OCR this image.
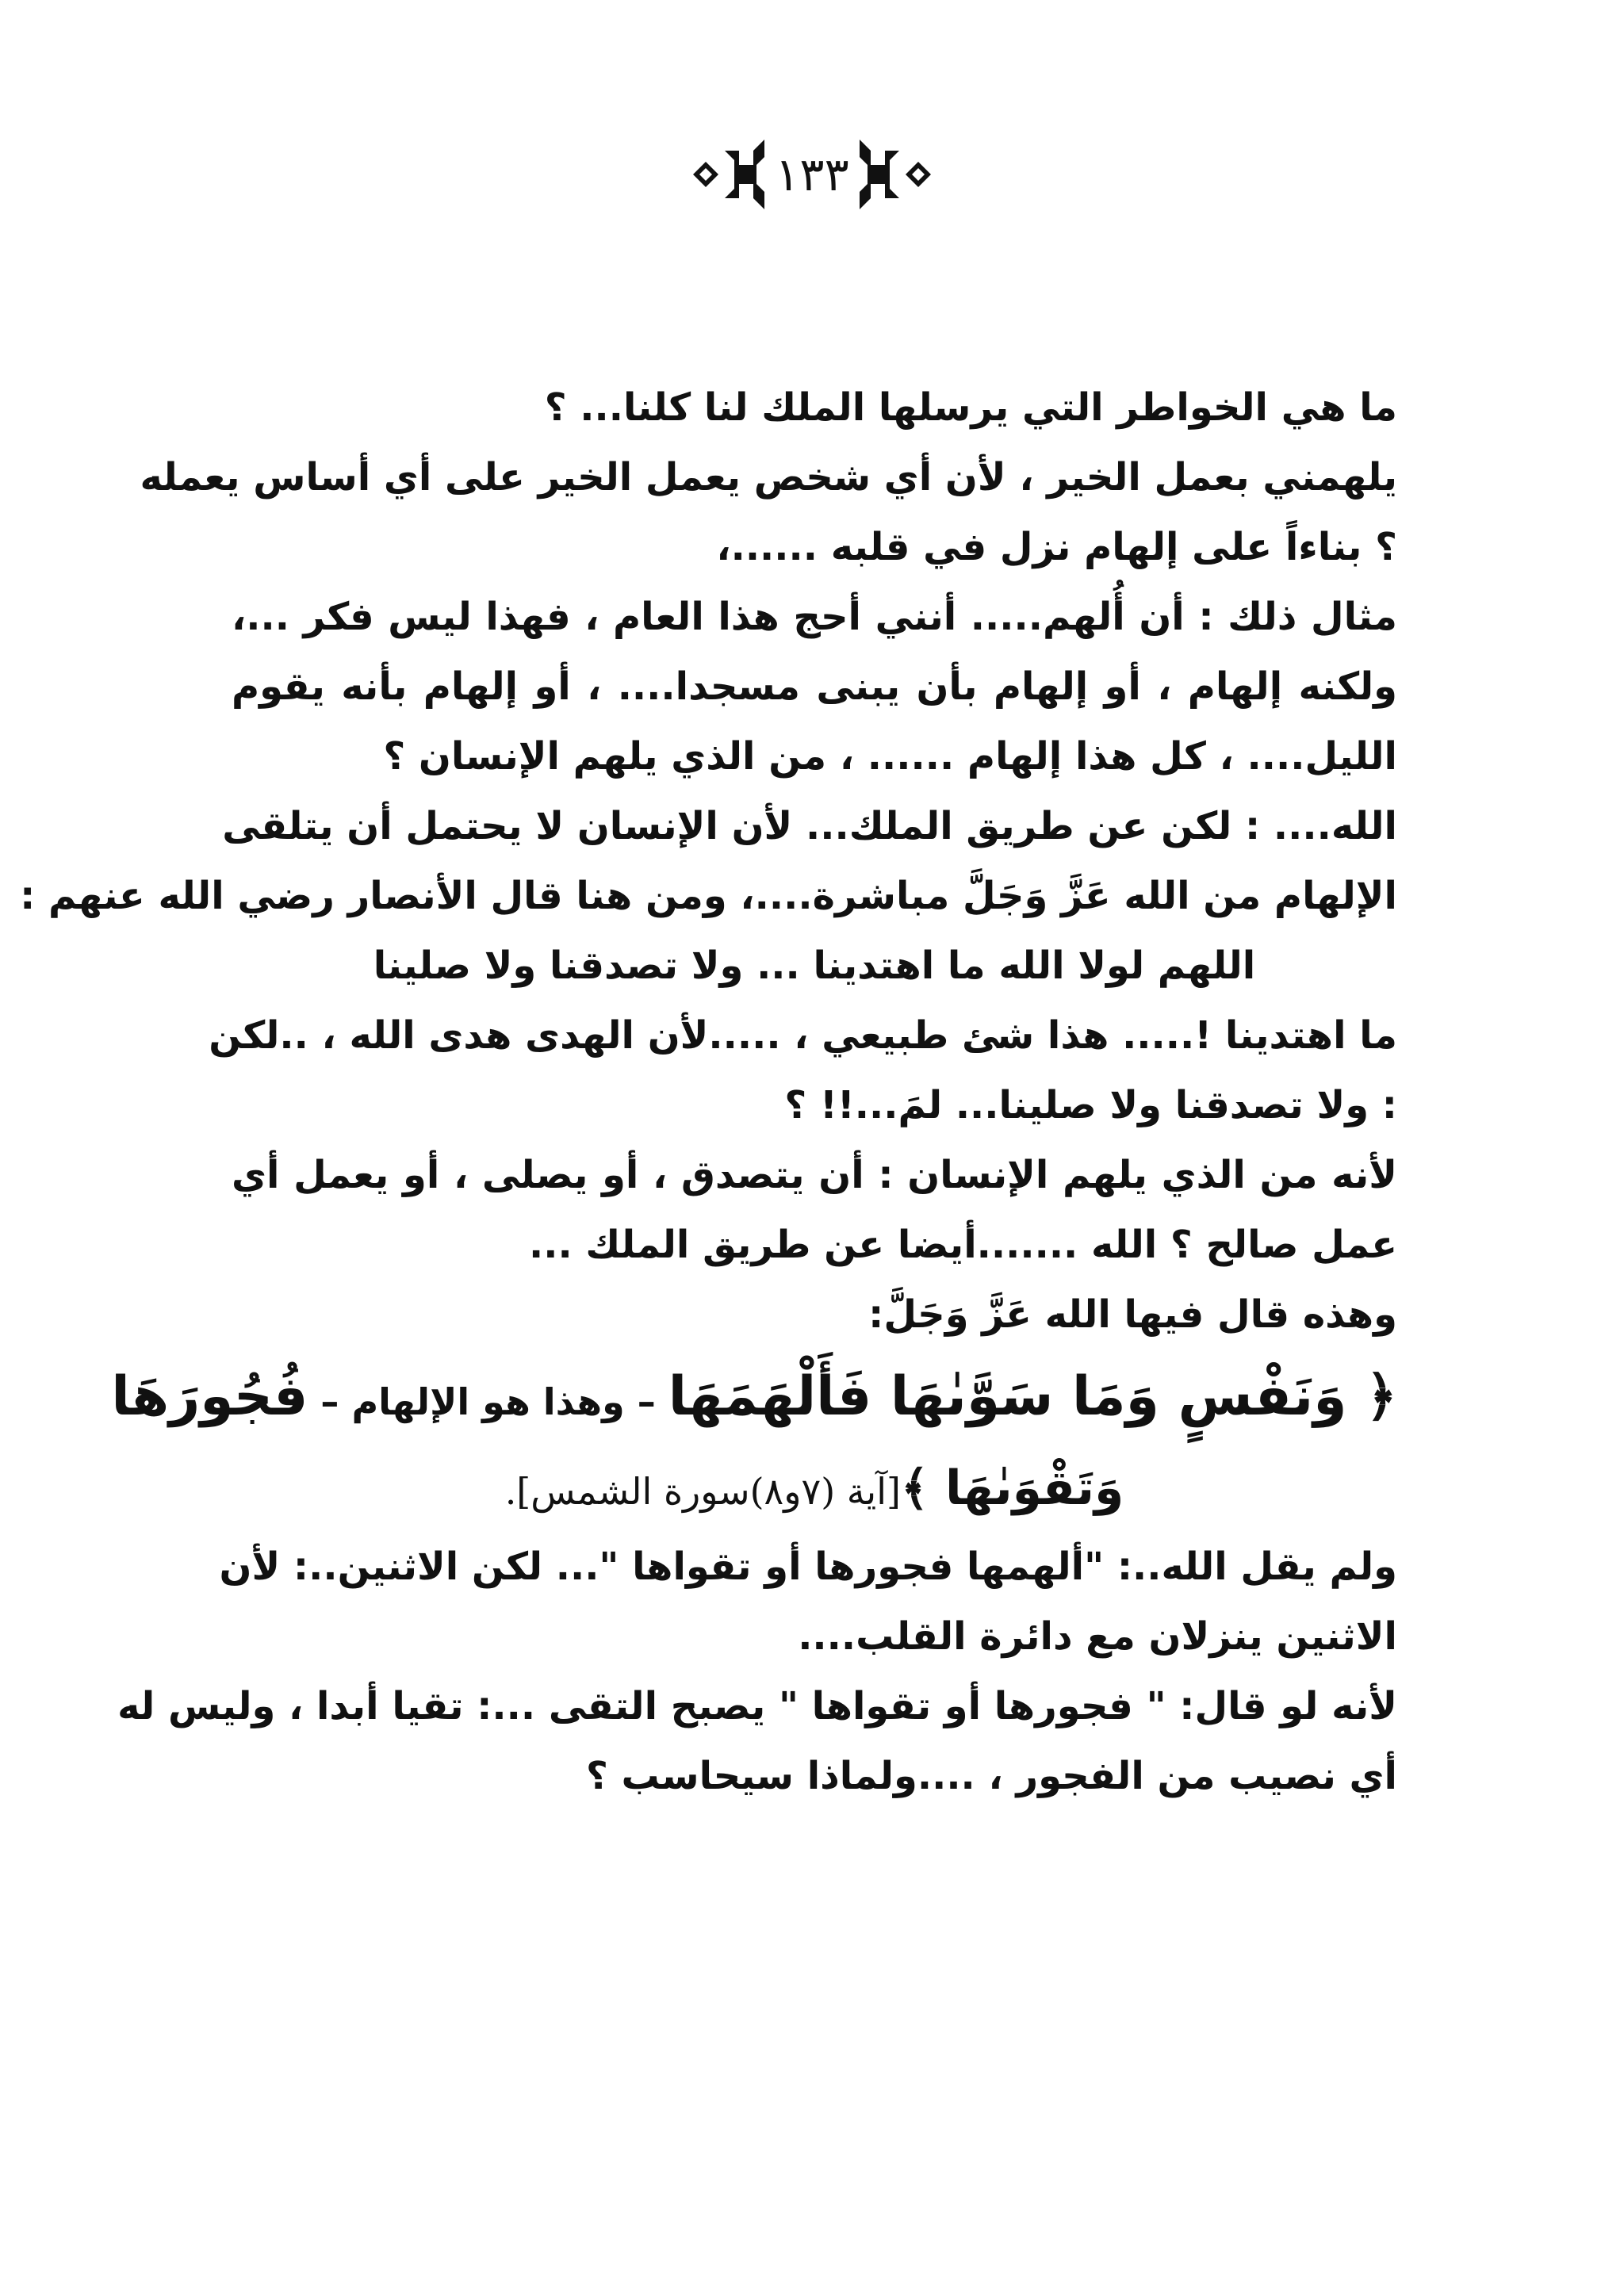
١٣٣
ما هي الخواطر التي يرسلها الملك لنا كلنا... ؟
يلهمني بعمل الخير ، لأن أي شخص يعمل الخير على أي أساس يعمله
؟ بناءاً على إلهام نزل في قلبه ......،
مثال ذلك : أن أُلهم..... أنني أحج هذا العام ، فهذا ليس فكر ...،
ولكنه إلهام ، أو إلهام بأن يبنى مسجدا.... ، أو إلهام بأنه يقوم
الليل.... ، كل هذا إلهام ...... ، من الذي يلهم الإنسان ؟
الله.... : لكن عن طريق الملك... لأن الإنسان لا يحتمل أن يتلقى
الإلهام من الله عَزَّ وَجَلَّ مباشرة....، ومن هنا قال الأنصار رضي الله عنهم :
اللهم لولا الله ما اهتدينا ... ولا تصدقنا ولا صلينا
ما اهتدينا !..... هذا شئ طبيعي ، .....لأن الهدى هدى الله ، ..لكن
: ولا تصدقنا ولا صلينا... لمَ...!! ؟
لأنه من الذي يلهم الإنسان : أن يتصدق ، أو يصلى ، أو يعمل أي
عمل صالح ؟ الله .......أيضا عن طريق الملك ...
وهذه قال فيها الله عَزَّ وَجَلَّ:
﴿ وَنَفْسٍ وَمَا سَوَّىٰهَا فَأَلْهَمَهَا – وهذا هو الإلهام – فُجُورَهَا
وَتَقْوَىٰهَا ﴾[آية (٧و٨)سورة الشمس].
ولم يقل الله..: "ألهمها فجورها أو تقواها "... لكن الاثنين..: لأن
الاثنين ينزلان مع دائرة القلب....
لأنه لو قال: " فجورها أو تقواها " يصبح التقى ...: تقيا أبدا ، وليس له
أي نصيب من الفجور ، ....ولماذا سيحاسب ؟
